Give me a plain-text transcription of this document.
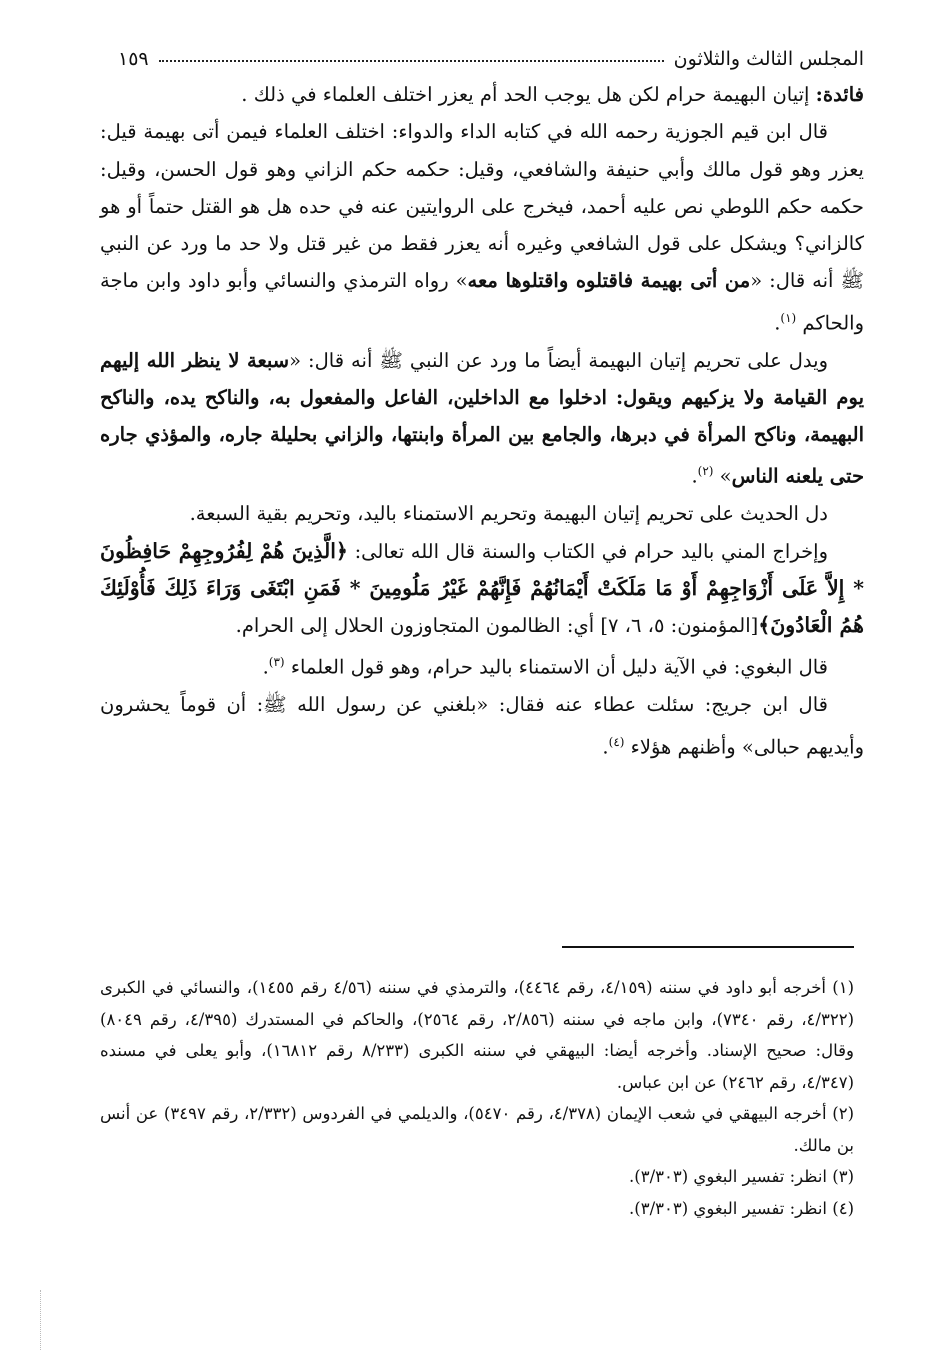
المجلس الثالث والثلاثون
١٥٩

فائدة: إتيان البهيمة حرام لكن هل يوجب الحد أم يعزر اختلف العلماء في ذلك .

قال ابن قيم الجوزية رحمه الله في كتابه الداء والدواء: اختلف العلماء فيمن أتى بهيمة قيل: يعزر وهو قول مالك وأبي حنيفة والشافعي، وقيل: حكمه حكم الزاني وهو قول الحسن، وقيل: حكمه حكم اللوطي نص عليه أحمد، فيخرج على الروايتين عنه في حده هل هو القتل حتماً أو هو كالزاني؟ ويشكل على قول الشافعي وغيره أنه يعزر فقط من غير قتل ولا حد ما ورد عن النبي ﷺ أنه قال: «من أتى بهيمة فاقتلوه واقتلوها معه» رواه الترمذي والنسائي وأبو داود وابن ماجة والحاكم $^{(١)}$.

ويدل على تحريم إتيان البهيمة أيضاً ما ورد عن النبي ﷺ أنه قال: «سبعة لا ينظر الله إليهم يوم القيامة ولا يزكيهم ويقول: ادخلوا مع الداخلين، الفاعل والمفعول به، والناكح يده، والناكح البهيمة، وناكح المرأة في دبرها، والجامع بين المرأة وابنتها، والزاني بحليلة جاره، والمؤذي جاره حتى يلعنه الناس» $^{(٢)}$.

دل الحديث على تحريم إتيان البهيمة وتحريم الاستمناء باليد، وتحريم بقية السبعة.

وإخراج المني باليد حرام في الكتاب والسنة قال الله تعالى: ﴿الَّذِينَ هُمْ لِفُرُوجِهِمْ حَافِظُونَ * إِلاَّ عَلَى أَزْوَاجِهِمْ أَوْ مَا مَلَكَتْ أَيْمَانُهُمْ فَإِنَّهُمْ غَيْرُ مَلُومِينَ * فَمَنِ ابْتَغَى وَرَاءَ ذَلِكَ فَأُوْلَئِكَ هُمُ الْعَادُونَ﴾[المؤمنون: ٥، ٦، ٧] أي: الظالمون المتجاوزون الحلال إلى الحرام.

قال البغوي: في الآية دليل أن الاستمناء باليد حرام، وهو قول العلماء $^{(٣)}$.

قال ابن جريج: سئلت عطاء عنه فقال: «بلغني عن رسول الله ﷺ: أن قوماً يحشرون وأيديهم حبالى» وأظنهم هؤلاء $^{(٤)}$.

(١) أخرجه أبو داود في سننه (٤/١٥٩، رقم ٤٤٦٤)، والترمذي في سننه (٤/٥٦ رقم ١٤٥٥)، والنسائي في الكبرى (٤/٣٢٢، رقم ٧٣٤٠)، وابن ماجه في سننه (٢/٨٥٦، رقم ٢٥٦٤)، والحاكم في المستدرك (٤/٣٩٥، رقم ٨٠٤٩) وقال: صحيح الإسناد. وأخرجه أيضا: البيهقي في سننه الكبرى (٨/٢٣٣ رقم ١٦٨١٢)، وأبو يعلى في مسنده (٤/٣٤٧، رقم ٢٤٦٢) عن ابن عباس.

(٢) أخرجه البيهقي في شعب الإيمان (٤/٣٧٨، رقم ٥٤٧٠)، والديلمي في الفردوس (٢/٣٣٢، رقم ٣٤٩٧) عن أنس بن مالك.

(٣) انظر: تفسير البغوي (٣/٣٠٣).

(٤) انظر: تفسير البغوي (٣/٣٠٣).
